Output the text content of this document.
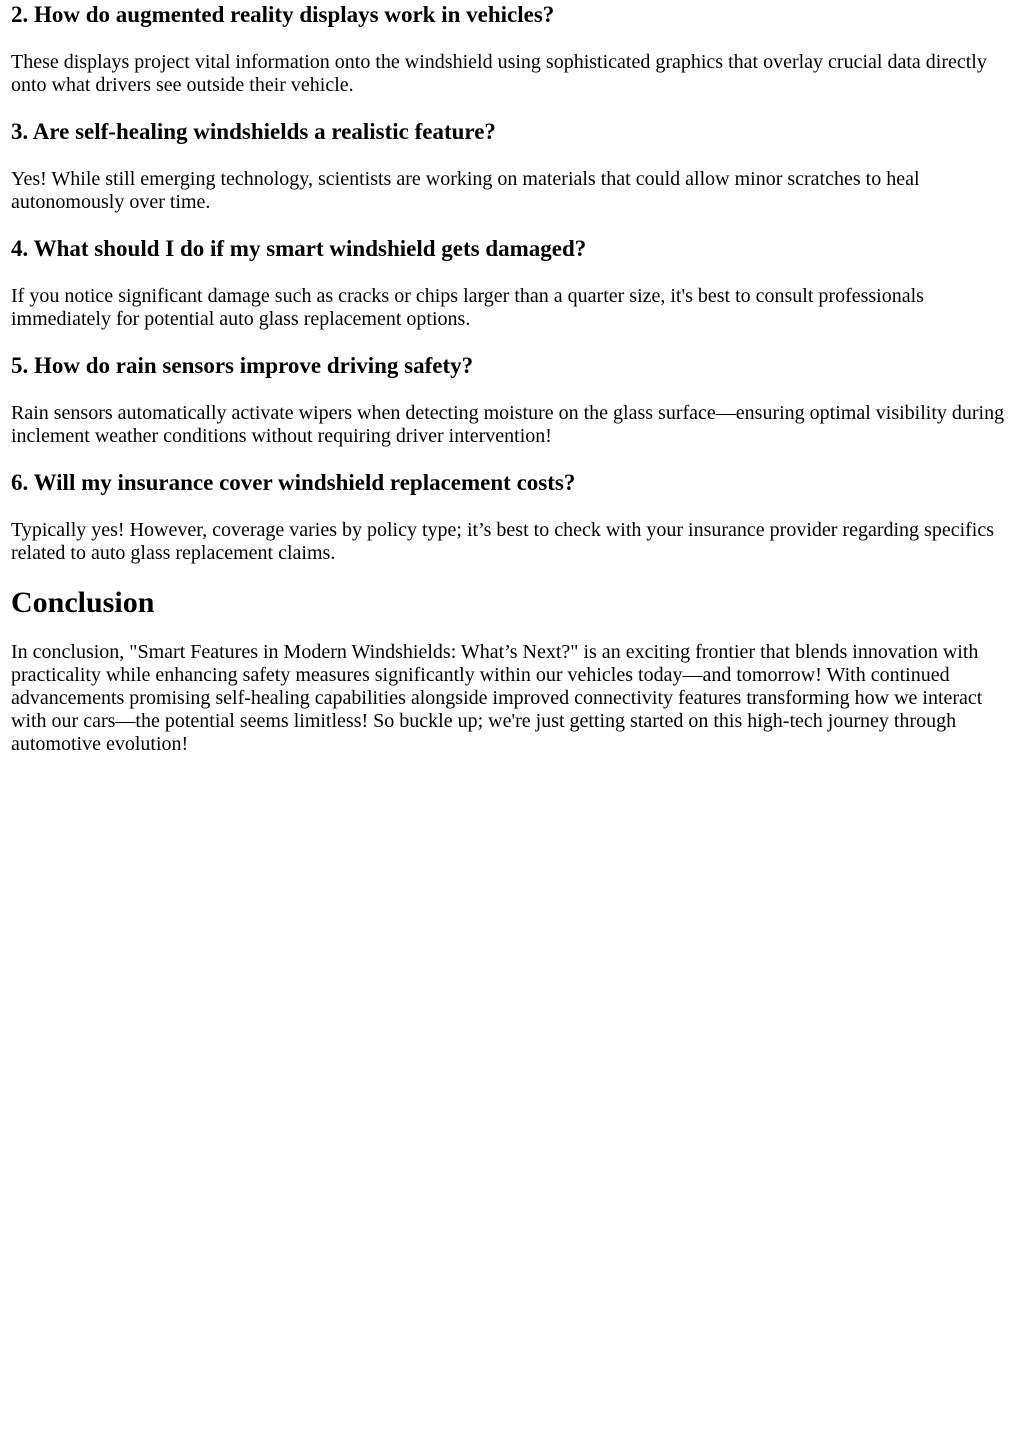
2. How do augmented reality displays work in vehicles?

These displays project vital information onto the windshield using sophisticated graphics that overlay crucial data directly onto what drivers see outside their vehicle.

3. Are self-healing windshields a realistic feature?

Yes! While still emerging technology, scientists are working on materials that could allow minor scratches to heal autonomously over time.

4. What should I do if my smart windshield gets damaged?

If you notice significant damage such as cracks or chips larger than a quarter size, it's best to consult professionals immediately for potential auto glass replacement options.

5. How do rain sensors improve driving safety?

Rain sensors automatically activate wipers when detecting moisture on the glass surface—ensuring optimal visibility during inclement weather conditions without requiring driver intervention!

6. Will my insurance cover windshield replacement costs?

Typically yes! However, coverage varies by policy type; it’s best to check with your insurance provider regarding specifics related to auto glass replacement claims.

Conclusion

In conclusion, "Smart Features in Modern Windshields: What’s Next?" is an exciting frontier that blends innovation with practicality while enhancing safety measures significantly within our vehicles today—and tomorrow! With continued advancements promising self-healing capabilities alongside improved connectivity features transforming how we interact with our cars—the potential seems limitless! So buckle up; we're just getting started on this high-tech journey through automotive evolution!
